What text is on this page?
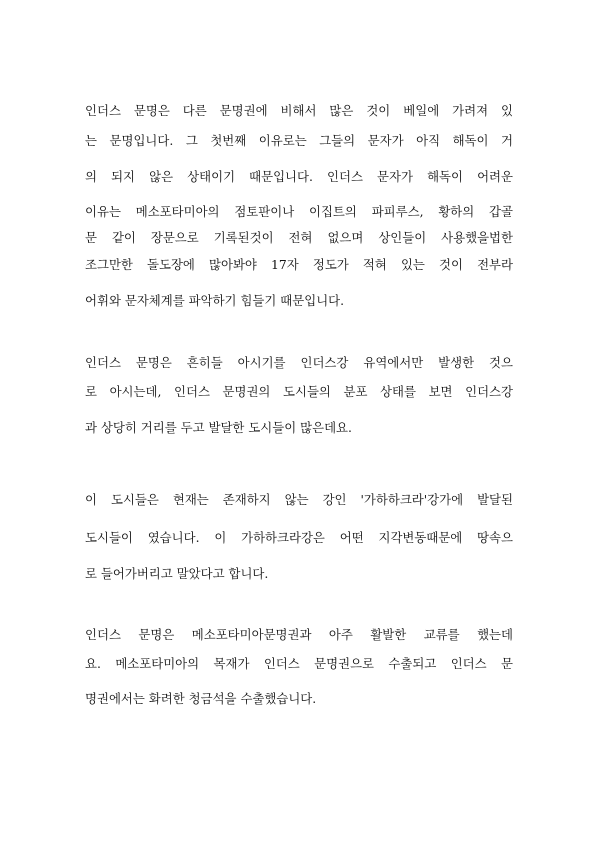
인더스 문명은 다른 문명권에 비해서 많은 것이 베일에 가려져 있
는 문명입니다. 그 첫번째 이유로는 그들의 문자가 아직 해독이 거
의 되지 않은 상태이기 때문입니다. 인더스 문자가 해독이 어려운
이유는 메소포타미아의 점토판이나 이집트의 파피루스, 황하의 갑골
문 같이 장문으로 기록된것이 전혀 없으며 상인들이 사용했을법한
조그만한 돌도장에 많아봐야 17자 정도가 적혀 있는 것이 전부라
어휘와 문자체계를 파악하기 힘들기 때문입니다.
인더스 문명은 흔히들 아시기를 인더스강 유역에서만 발생한 것으
로 아시는데, 인더스 문명권의 도시들의 분포 상태를 보면 인더스강
과 상당히 거리를 두고 발달한 도시들이 많은데요.
이 도시들은 현재는 존재하지 않는 강인 '가하하크라'강가에 발달된
도시들이 였습니다. 이 가하하크라강은 어떤 지각변동때문에 땅속으
로 들어가버리고 말았다고 합니다.
인더스 문명은 메소포타미아문명권과 아주 활발한 교류를 했는데
요. 메소포타미아의 목재가 인더스 문명권으로 수출되고 인더스 문
명권에서는 화려한 청금석을 수출했습니다.
